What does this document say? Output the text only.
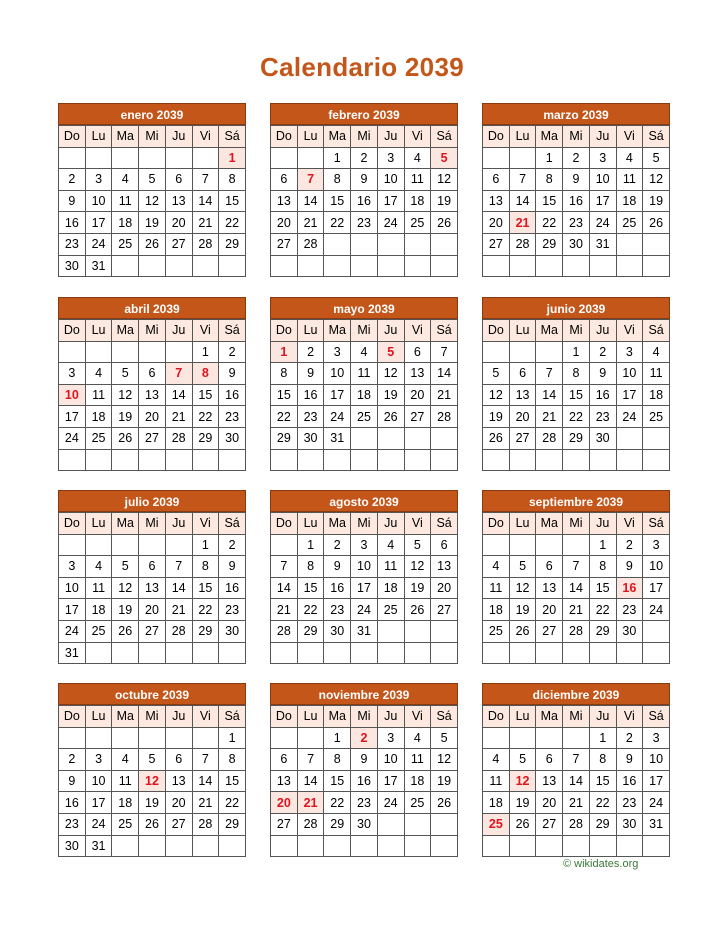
Calendario 2039
enero 2039
Do	Lu	Ma	Mi	Ju	Vi	Sá
						1
2	3	4	5	6	7	8
9	10	11	12	13	14	15
16	17	18	19	20	21	22
23	24	25	26	27	28	29
30	31					
febrero 2039
Do	Lu	Ma	Mi	Ju	Vi	Sá
		1	2	3	4	5
6	7	8	9	10	11	12
13	14	15	16	17	18	19
20	21	22	23	24	25	26
27	28					

marzo 2039
Do	Lu	Ma	Mi	Ju	Vi	Sá
		1	2	3	4	5
6	7	8	9	10	11	12
13	14	15	16	17	18	19
20	21	22	23	24	25	26
27	28	29	30	31		

abril 2039
Do	Lu	Ma	Mi	Ju	Vi	Sá
					1	2
3	4	5	6	7	8	9
10	11	12	13	14	15	16
17	18	19	20	21	22	23
24	25	26	27	28	29	30

mayo 2039
Do	Lu	Ma	Mi	Ju	Vi	Sá
1	2	3	4	5	6	7
8	9	10	11	12	13	14
15	16	17	18	19	20	21
22	23	24	25	26	27	28
29	30	31				

junio 2039
Do	Lu	Ma	Mi	Ju	Vi	Sá
			1	2	3	4
5	6	7	8	9	10	11
12	13	14	15	16	17	18
19	20	21	22	23	24	25
26	27	28	29	30		

julio 2039
Do	Lu	Ma	Mi	Ju	Vi	Sá
					1	2
3	4	5	6	7	8	9
10	11	12	13	14	15	16
17	18	19	20	21	22	23
24	25	26	27	28	29	30
31						
agosto 2039
Do	Lu	Ma	Mi	Ju	Vi	Sá
	1	2	3	4	5	6
7	8	9	10	11	12	13
14	15	16	17	18	19	20
21	22	23	24	25	26	27
28	29	30	31			

septiembre 2039
Do	Lu	Ma	Mi	Ju	Vi	Sá
				1	2	3
4	5	6	7	8	9	10
11	12	13	14	15	16	17
18	19	20	21	22	23	24
25	26	27	28	29	30	

octubre 2039
Do	Lu	Ma	Mi	Ju	Vi	Sá
						1
2	3	4	5	6	7	8
9	10	11	12	13	14	15
16	17	18	19	20	21	22
23	24	25	26	27	28	29
30	31					
noviembre 2039
Do	Lu	Ma	Mi	Ju	Vi	Sá
		1	2	3	4	5
6	7	8	9	10	11	12
13	14	15	16	17	18	19
20	21	22	23	24	25	26
27	28	29	30			

diciembre 2039
Do	Lu	Ma	Mi	Ju	Vi	Sá
				1	2	3
4	5	6	7	8	9	10
11	12	13	14	15	16	17
18	19	20	21	22	23	24
25	26	27	28	29	30	31

© wikidates.org
